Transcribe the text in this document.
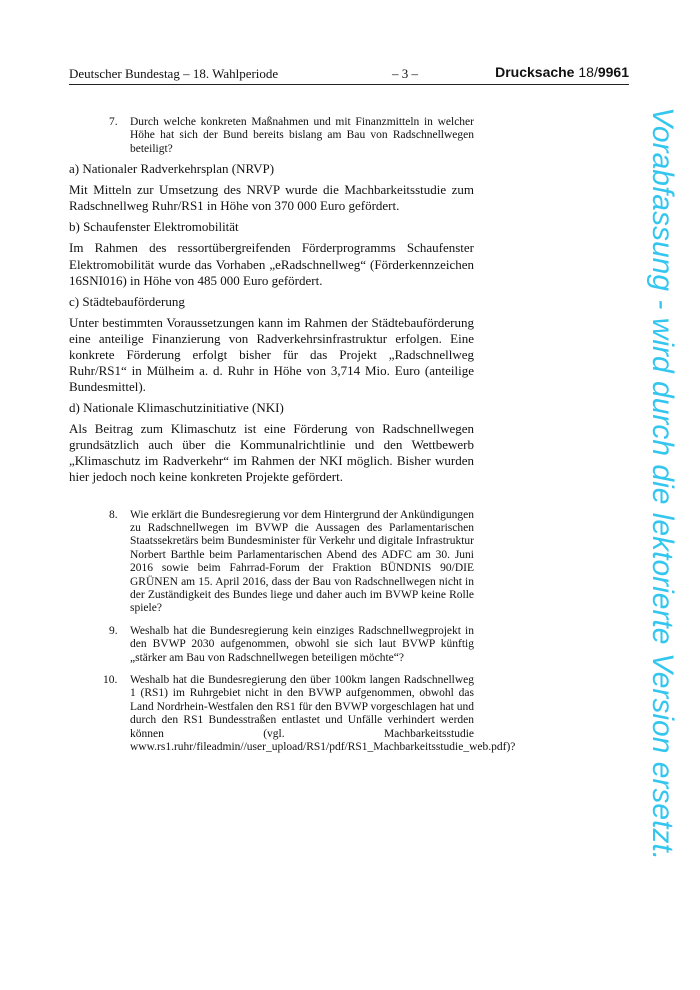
Deutscher Bundestag – 18. Wahlperiode	– 3 –	Drucksache 18/9961
7. Durch welche konkreten Maßnahmen und mit Finanzmitteln in welcher Höhe hat sich der Bund bereits bislang am Bau von Radschnellwegen beteiligt?

a) Nationaler Radverkehrsplan (NRVP)

Mit Mitteln zur Umsetzung des NRVP wurde die Machbarkeitsstudie zum Radschnellweg Ruhr/RS1 in Höhe von 370 000 Euro gefördert.

b) Schaufenster Elektromobilität

Im Rahmen des ressortübergreifenden Förderprogramms Schaufenster Elektromobilität wurde das Vorhaben „eRadschnellweg“ (Förderkennzeichen 16SNI016) in Höhe von 485 000 Euro gefördert.

c) Städtebauförderung

Unter bestimmten Voraussetzungen kann im Rahmen der Städtebauförderung eine anteilige Finanzierung von Radverkehrsinfrastruktur erfolgen. Eine konkrete Förderung erfolgt bisher für das Projekt „Radschnellweg Ruhr/RS1“ in Mülheim a. d. Ruhr in Höhe von 3,714 Mio. Euro (anteilige Bundesmittel).

d) Nationale Klimaschutzinitiative (NKI)

Als Beitrag zum Klimaschutz ist eine Förderung von Radschnellwegen grundsätzlich auch über die Kommunalrichtlinie und den Wettbewerb „Klimaschutz im Radverkehr“ im Rahmen der NKI möglich. Bisher wurden hier jedoch noch keine konkreten Projekte gefördert.

8. Wie erklärt die Bundesregierung vor dem Hintergrund der Ankündigungen zu Radschnellwegen im BVWP die Aussagen des Parlamentarischen Staatssekretärs beim Bundesminister für Verkehr und digitale Infrastruktur Norbert Barthle beim Parlamentarischen Abend des ADFC am 30. Juni 2016 sowie beim Fahrrad-Forum der Fraktion BÜNDNIS 90/DIE GRÜNEN am 15. April 2016, dass der Bau von Radschnellwegen nicht in der Zuständigkeit des Bundes liege und daher auch im BVWP keine Rolle spiele?
9. Weshalb hat die Bundesregierung kein einziges Radschnellwegprojekt in den BVWP 2030 aufgenommen, obwohl sie sich laut BVWP künftig „stärker am Bau von Radschnellwegen beteiligen möchte“?
10. Weshalb hat die Bundesregierung den über 100km langen Radschnellweg 1 (RS1) im Ruhrgebiet nicht in den BVWP aufgenommen, obwohl das Land Nordrhein-Westfalen den RS1 für den BVWP vorgeschlagen hat und durch den RS1 Bundesstraßen entlastet und Unfälle verhindert werden können (vgl. Machbarkeitsstudie www.rs1.ruhr/fileadmin//user_upload/RS1/pdf/RS1_Machbarkeitsstudie_web.pdf)?	Vorabfassung - wird durch die lektorierte Version ersetzt.
